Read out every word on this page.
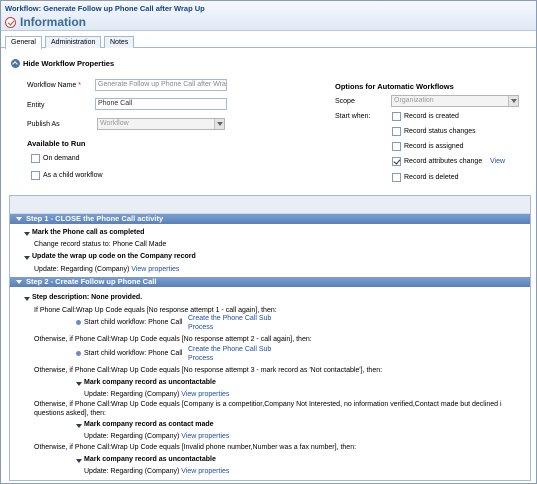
Workflow: Generate Follow up Phone Call after Wrap Up
Information
General	Administration	Notes
Hide Workflow Properties
Workflow Name *	Generate Follow up Phone Call after Wra
Entity	Phone Call
Publish As	Workflow
Available to Run
On demand
As a child workflow
Options for Automatic Workflows
Scope	Organization
Start when:	Record is created
Record status changes
Record is assigned
Record attributes change View
Record is deleted
Step 1 - CLOSE the Phone Call activity
Mark the Phone call as completed
Change record status to: Phone Call Made
Update the wrap up code on the Company record
Update: Regarding (Company) View properties
Step 2 - Create Follow up Phone Call
Step description: None provided.
If Phone Call:Wrap Up Code equals [No response attempt 1 - call again], then:
Start child workflow: Phone Call
Create the Phone Call Sub
Process
Otherwise, if Phone Call:Wrap Up Code equals [No response attempt 2 - call again], then:
Start child workflow: Phone Call
Create the Phone Call Sub
Process
Otherwise, if Phone Call:Wrap Up Code equals [No response attempt 3 - mark record as 'Not contactable'], then:
Mark company record as uncontactable
Update: Regarding (Company) View properties
Otherwise, if Phone Call:Wrap Up Code equals [Company is a competitior,Company Not Interested, no information verified,Contact made but declined i
questions asked], then:
Mark company record as contact made
Update: Regarding (Company) View properties
Otherwise, if Phone Call:Wrap Up Code equals [Invalid phone number,Number was a fax number], then:
Mark company record as uncontactable
Update: Regarding (Company) View properties
